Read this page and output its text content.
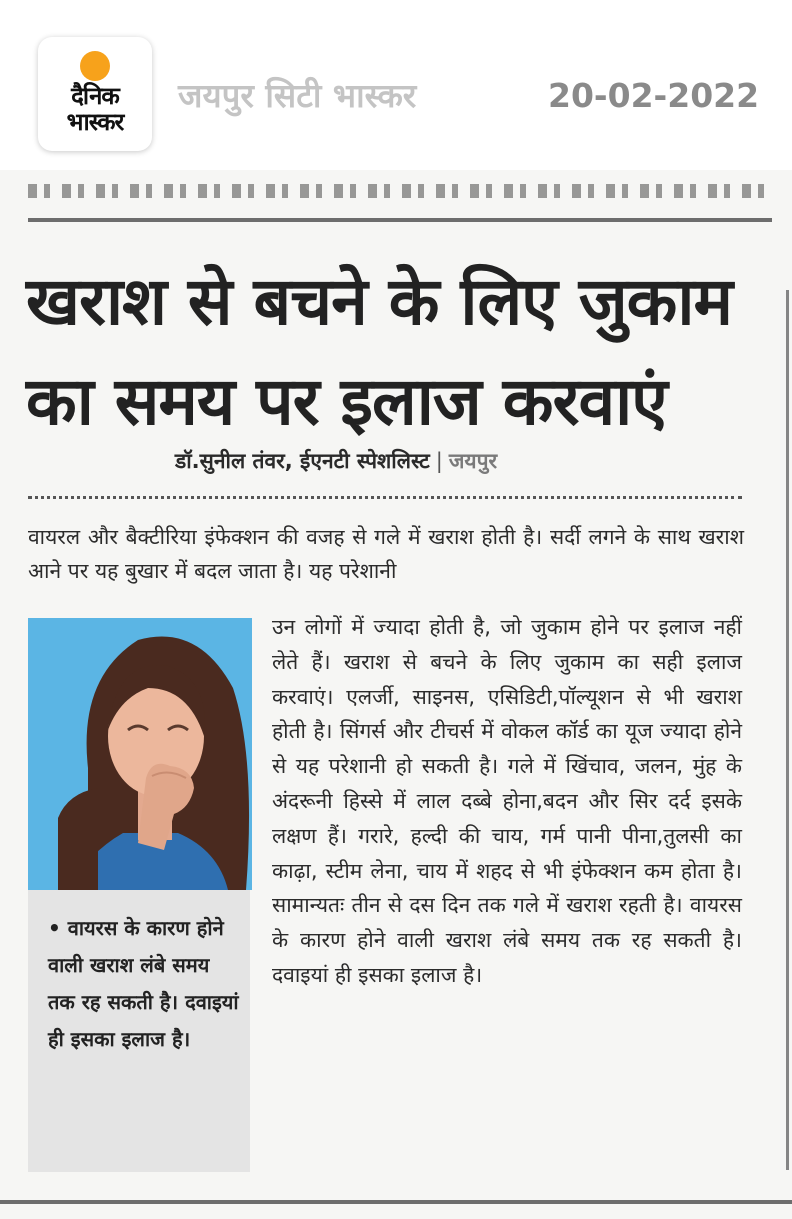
दैनिक
भास्कर
जयपुर सिटी भास्कर	20-02-2022
खराश से बचने के लिए जुकाम का समय पर इलाज करवाएं
डॉ.सुनील तंवर, ईएनटी स्पेशलिस्ट | जयपुर

वायरल और बैक्टीरिया इंफेक्शन की वजह से गले में खराश होती है। सर्दी लगने के साथ खराश आने पर यह बुखार में बदल जाता है। यह परेशानी

• वायरस के कारण होने वाली खराश लंबे समय तक रह सकती है। दवाइयां ही इसका इलाज है।

उन लोगों में ज्यादा होती है, जो जुकाम होने पर इलाज नहीं लेते हैं। खराश से बचने के लिए जुकाम का सही इलाज करवाएं। एलर्जी, साइनस, एसिडिटी,पॉल्यूशन से भी खराश होती है। सिंगर्स और टीचर्स में वोकल कॉर्ड का यूज ज्यादा होने से यह परेशानी हो सकती है। गले में खिंचाव, जलन, मुंह के अंदरूनी हिस्से में लाल दब्बे होना,बदन और सिर दर्द इसके लक्षण हैं। गरारे, हल्दी की चाय, गर्म पानी पीना,तुलसी का काढ़ा, स्टीम लेना, चाय में शहद से भी इंफेक्शन कम होता है। सामान्यतः तीन से दस दिन तक गले में खराश रहती है। वायरस के कारण होने वाली खराश लंबे समय तक रह सकती है। दवाइयां ही इसका इलाज है।
